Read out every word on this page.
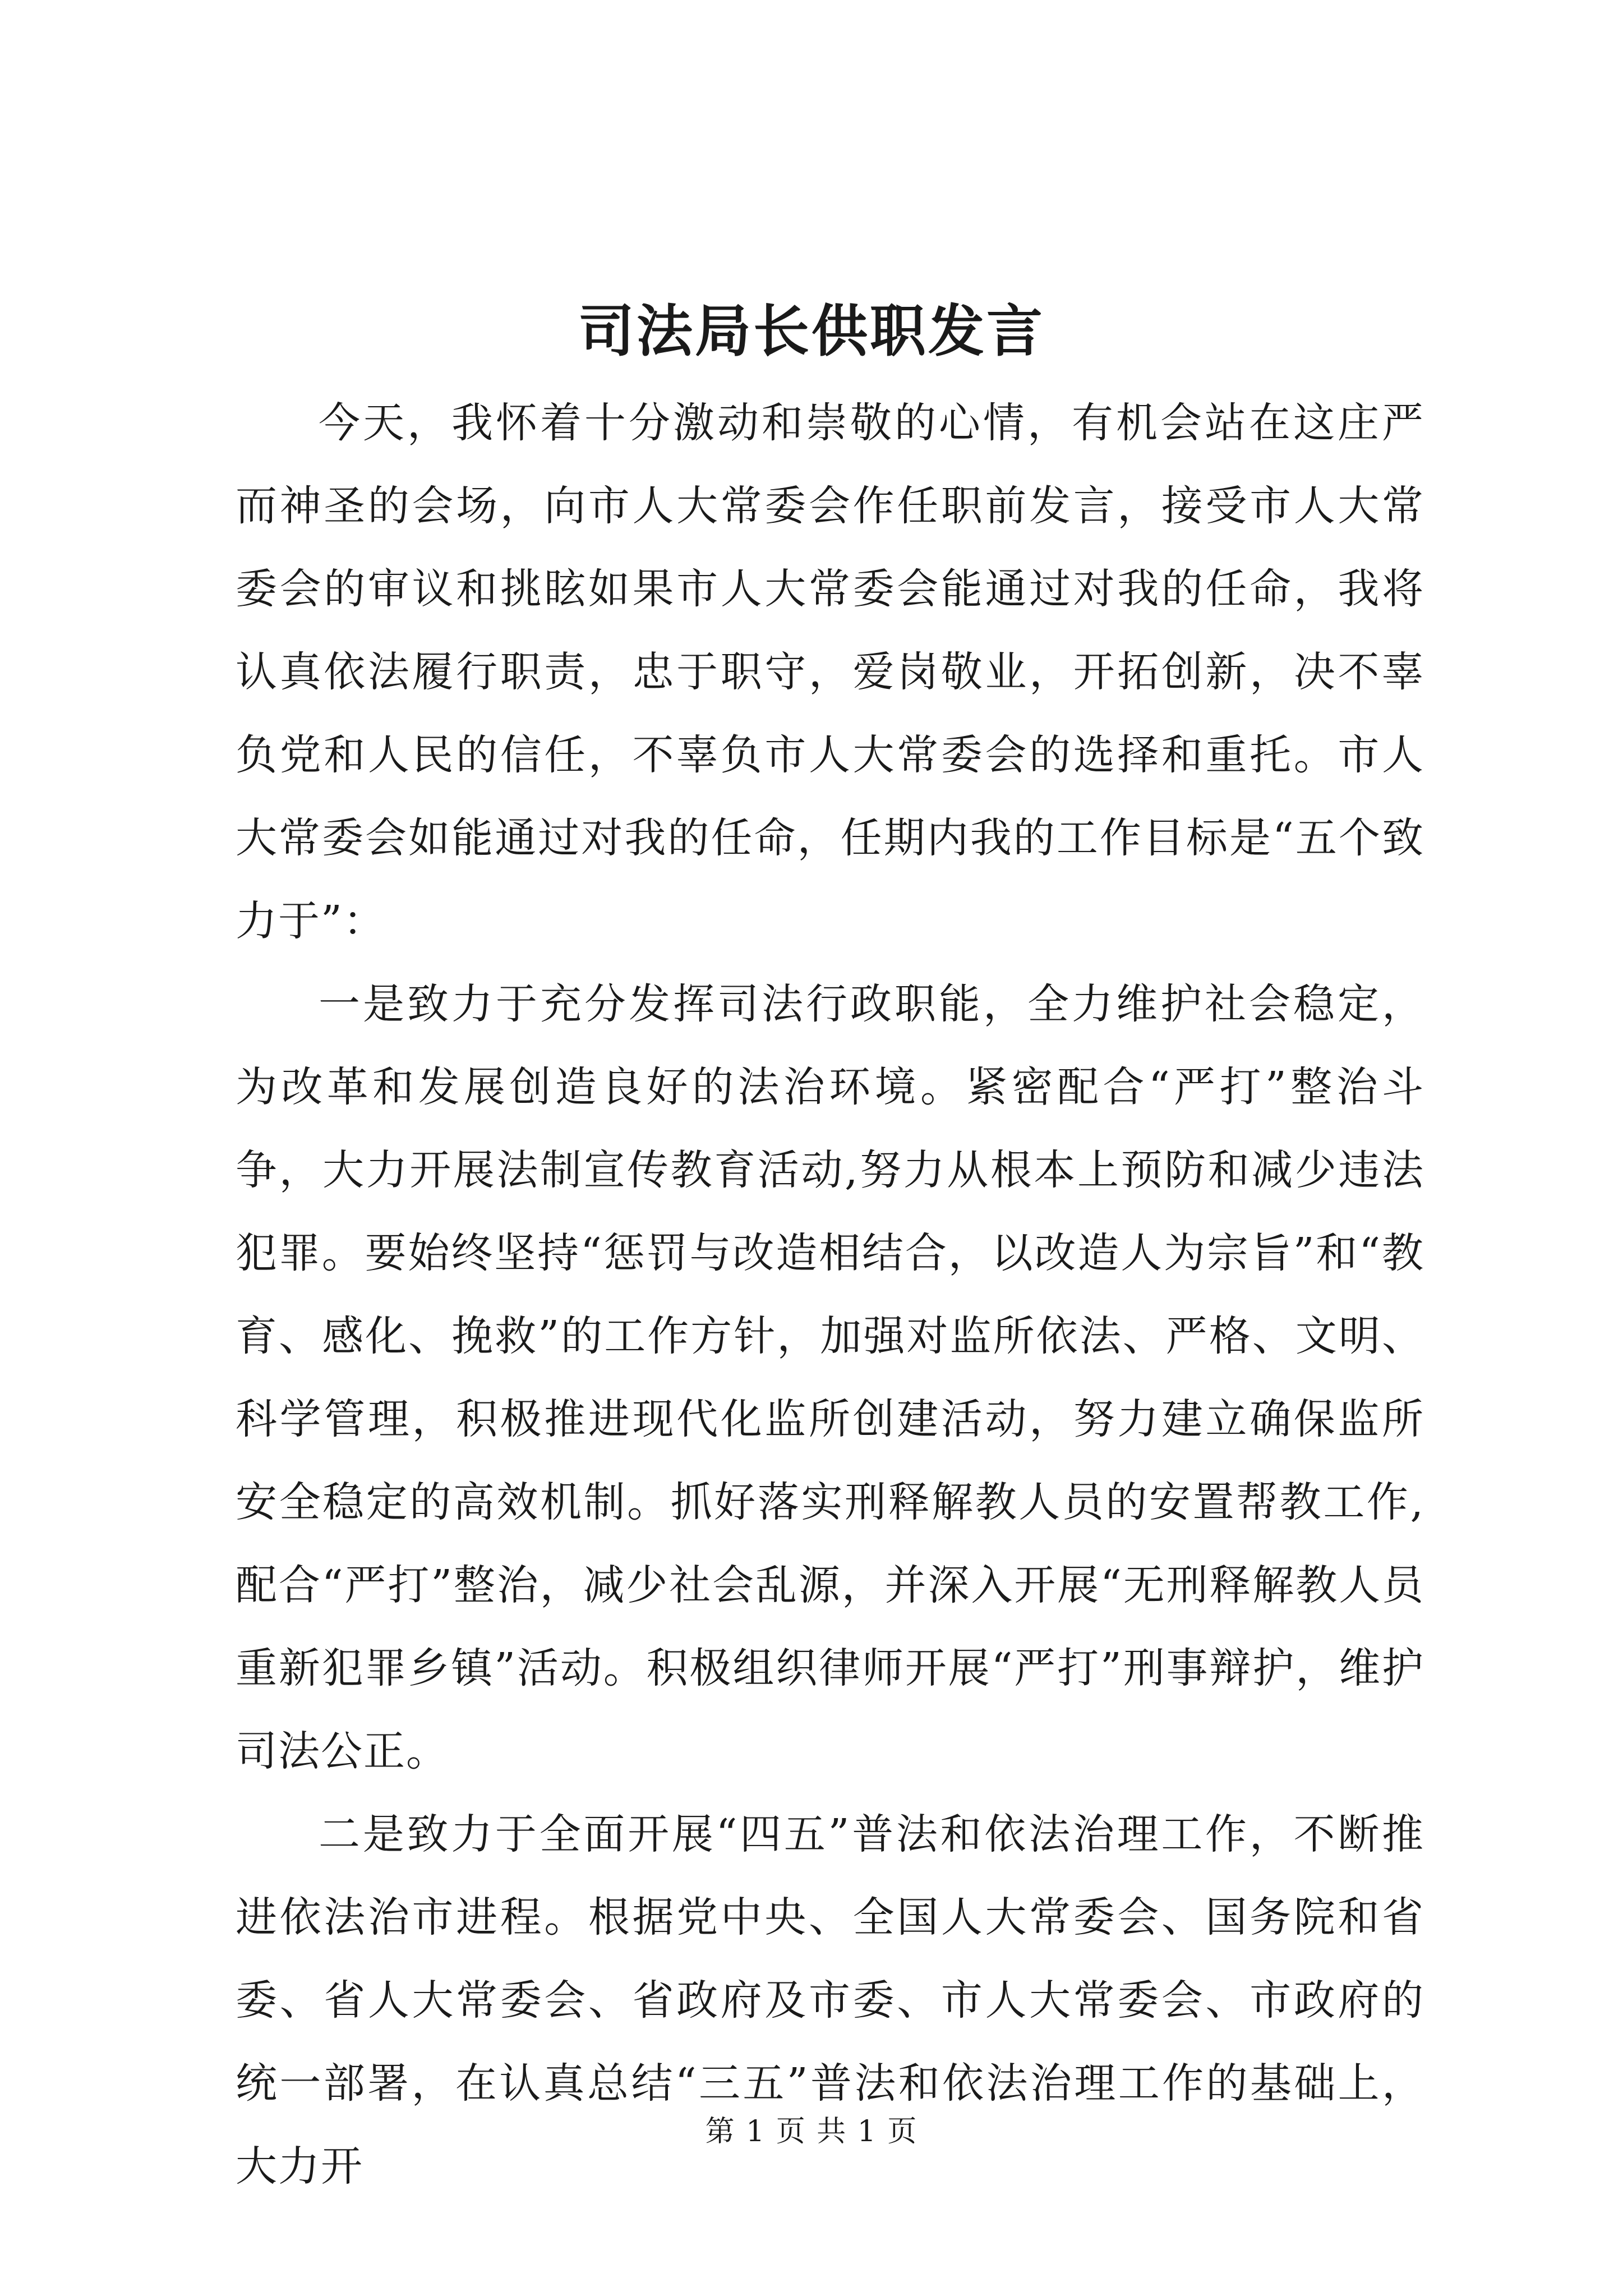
司法局长供职发言

今天，我怀着十分激动和崇敬的心情，有机会站在这庄严而神圣的会场，向市人大常委会作任职前发言，接受市人大常委会的审议和挑眩如果市人大常委会能通过对我的任命，我将认真依法履行职责，忠于职守，爱岗敬业，开拓创新，决不辜负党和人民的信任，不辜负市人大常委会的选择和重托。市人大常委会如能通过对我的任命，任期内我的工作目标是“五个致力于”：

一是致力于充分发挥司法行政职能，全力维护社会稳定，为改革和发展创造良好的法治环境。紧密配合“严打”整治斗争，大力开展法制宣传教育活动,努力从根本上预防和减少违法犯罪。要始终坚持“惩罚与改造相结合，以改造人为宗旨”和“教育、感化、挽救”的工作方针，加强对监所依法、严格、文明、科学管理，积极推进现代化监所创建活动，努力建立确保监所安全稳定的高效机制。抓好落实刑释解教人员的安置帮教工作,配合“严打”整治，减少社会乱源，并深入开展“无刑释解教人员重新犯罪乡镇”活动。积极组织律师开展“严打”刑事辩护，维护司法公正。

二是致力于全面开展“四五”普法和依法治理工作，不断推进依法治市进程。根据党中央、全国人大常委会、国务院和省委、省人大常委会、省政府及市委、市人大常委会、市政府的统一部署，在认真总结“三五”普法和依法治理工作的基础上，大力开

第 1 页 共 1 页
